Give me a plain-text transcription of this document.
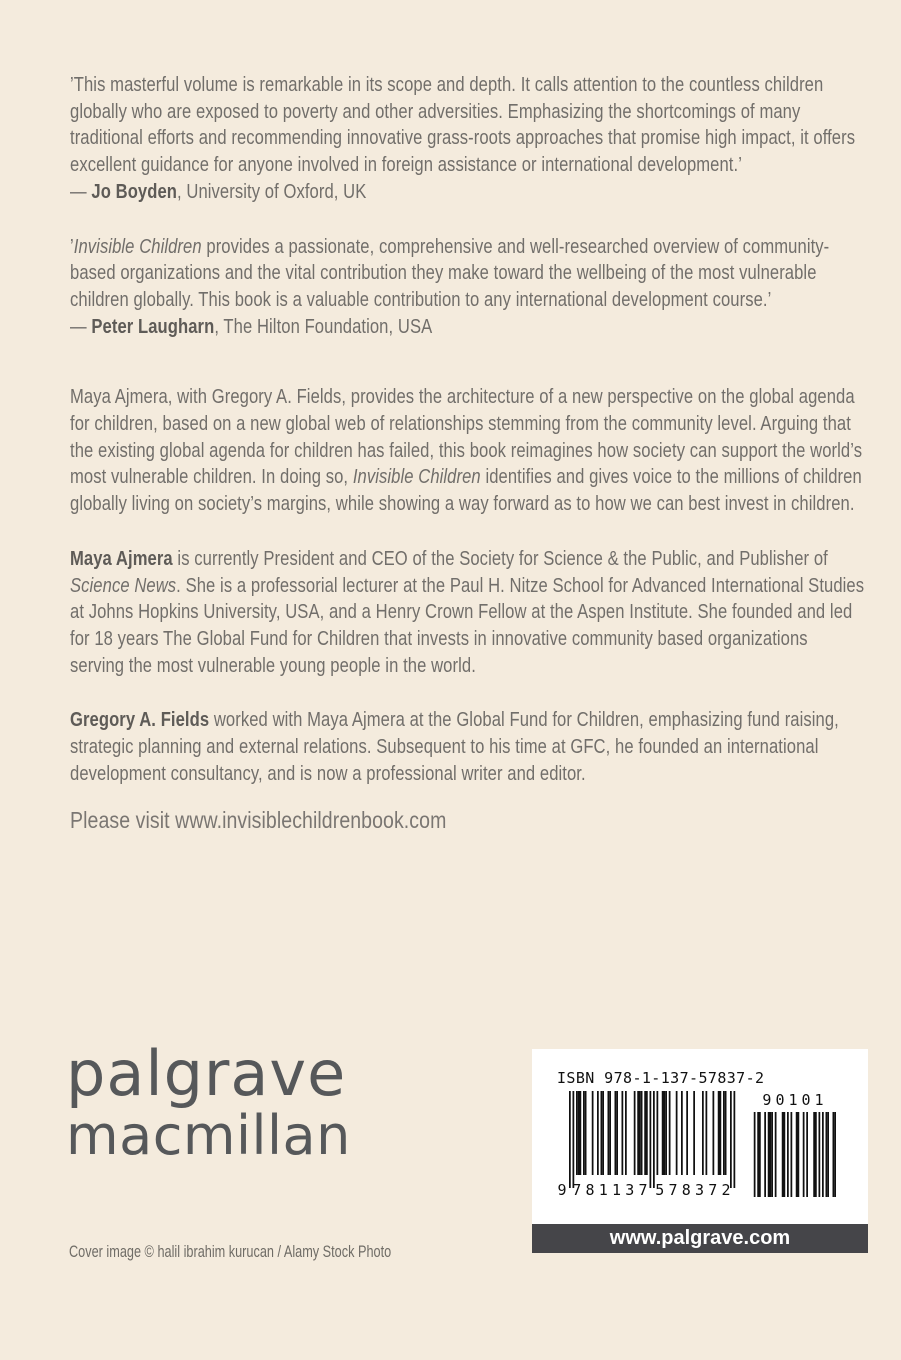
’This masterful volume is remarkable in its scope and depth. It calls attention to the countless children globally who are exposed to poverty and other adversities. Emphasizing the shortcomings of many traditional efforts and recommending innovative grass-roots approaches that promise high impact, it offers excellent guidance for anyone involved in foreign assistance or international development.’
— Jo Boyden, University of Oxford, UK
’Invisible Children provides a passionate, comprehensive and well-researched overview of community-based organizations and the vital contribution they make toward the wellbeing of the most vulnerable children globally. This book is a valuable contribution to any international development course.’
— Peter Laugharn, The Hilton Foundation, USA
Maya Ajmera, with Gregory A. Fields, provides the architecture of a new perspective on the global agenda for children, based on a new global web of relationships stemming from the community level. Arguing that the existing global agenda for children has failed, this book reimagines how society can support the world’s most vulnerable children. In doing so, Invisible Children identifies and gives voice to the millions of children globally living on society’s margins, while showing a way forward as to how we can best invest in children.
Maya Ajmera is currently President and CEO of the Society for Science & the Public, and Publisher of Science News. She is a professorial lecturer at the Paul H. Nitze School for Advanced International Studies at Johns Hopkins University, USA, and a Henry Crown Fellow at the Aspen Institute. She founded and led for 18 years The Global Fund for Children that invests in innovative community based organizations serving the most vulnerable young people in the world.
Gregory A. Fields worked with Maya Ajmera at the Global Fund for Children, emphasizing fund raising, strategic planning and external relations. Subsequent to his time at GFC, he founded an international development consultancy, and is now a professional writer and editor.
Please visit www.invisiblechildrenbook.com
palgrave
macmillan
ISBN 978-1-137-57837-2
9 781137 578372
90101
www.palgrave.com
Cover image © halil ibrahim kurucan / Alamy Stock Photo
